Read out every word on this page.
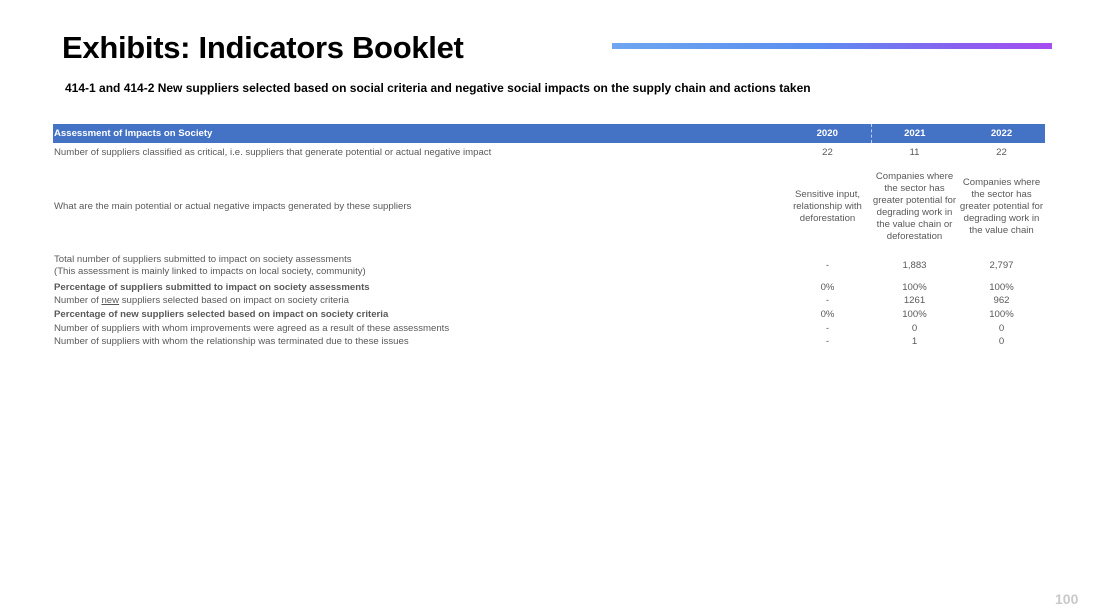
Exhibits: Indicators Booklet

414-1 and 414-2 New suppliers selected based on social criteria and negative social impacts on the supply chain and actions taken

Assessment of Impacts on Society	2020	2021	2022
Number of suppliers classified as critical, i.e. suppliers that generate potential or actual negative impact	22	11	22
What are the main potential or actual negative impacts generated by these suppliers	Sensitive input, relationship with deforestation	Companies where the sector has greater potential for degrading work in the value chain or deforestation	Companies where the sector has greater potential for degrading work in the value chain

Total number of suppliers submitted to impact on society assessments
(This assessment is mainly linked to impacts on local society, community)	-	1,883	2,797
Percentage of suppliers submitted to impact on society assessments	0%	100%	100%
Number of new suppliers selected based on impact on society criteria	-	1261	962
Percentage of new suppliers selected based on impact on society criteria	0%	100%	100%
Number of suppliers with whom improvements were agreed as a result of these assessments	-	0	0
Number of suppliers with whom the relationship was terminated due to these issues	-	1	0
100
